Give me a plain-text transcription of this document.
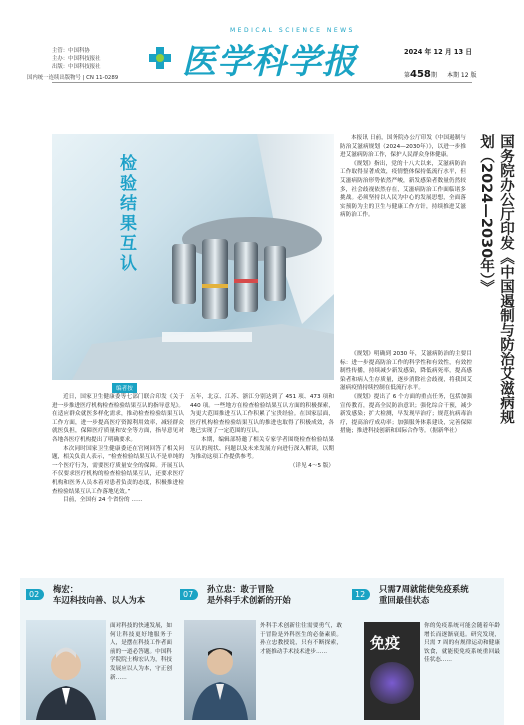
主管：中国科协
主办：中国科技报社
出版：中国科技报社
国内统一连续出版物号 | CN 11-0289
MEDICAL SCIENCE NEWS
医学科学报	2024 年 12 月 13 日
第458期 本期 12 版
检验结果互认
编者按

近日，国家卫生健康委等七部门联合印发《关于进一步推进医疗机构检查检验结果互认的指导意见》。在适应群众就医多样化需求，推动检查检验结果互认工作方面，进一步提高医疗资源利用效率，减轻群众就医负担，保障医疗质量和安全等方面，指导意见对各地各医疗机构提出了明确要求。

本次同时国家卫生健康委还在官网回答了相关问题，相关负责人表示，“检查检验结果互认不是单纯的一个医疗行为，需要医疗质量安全的保障。开展互认不仅要求医疗机构的检查检验结果互认，还要求医疗机构和医务人员本着对患者负责的态度，积极推进检查检验结果互认工作落地见效。”

目前，全国有 24 个省份的 ……

五年，北京、江苏、浙江分别达到了 451 项、473 项和 440 项。一些地方在检查检验结果互认方面的积极探索，为更大范围推进互认工作积累了宝贵经验。在国家层面，医疗机构检查检验结果互认的推进也取得了积极成效，各地已实现了一定范围的互认。

本期，编辑部特邀了相关专家学者围绕检查检验结果互认的现状、问题以及未来发展方向进行深入解读，以期为推动这项工作提供参考。

（详见 4～5 版）

国务院办公厅印发《中国遏制与防治艾滋病规划（2024—2030年）》

本报讯 日前，国务院办公厅印发《中国遏制与防治艾滋病规划（2024—2030年）》，以进一步推进艾滋病防治工作，保护人民群众身体健康。

《规划》指出，党的十八大以来，艾滋病防治工作取得显著成效，疫情整体保持低流行水平，但艾滋病防治形势依然严峻，新发感染者数量仍然较多，社会歧视依然存在，艾滋病防治工作面临诸多挑战。必须坚持以人民为中心的发展思想，全面落实预防为主的卫生与健康工作方针，持续推进艾滋病防治工作。

《规划》明确到 2030 年，艾滋病防治的主要目标：进一步提高防治工作的科学性和有效性，有效控制性传播，持续减少新发感染，降低病死率，提高感染者和病人生存质量，逐步消除社会歧视，将我国艾滋病疫情持续控制在低流行水平。

《规划》提出了 6 个方面的重点任务，包括加强宣传教育，提高全民防治意识；强化综合干预，减少新发感染；扩大检测，早发现早治疗；规范抗病毒治疗，提高治疗成功率；加强服务体系建设，完善保障措施；推进科技创新和国际合作等。（据新华社）

02
梅宏：
车辺科技向善、以人为本

面对科技的快速发展，如何让科技更好地服务于人，是摆在科技工作者面前的一道必答题。中国科学院院士梅宏认为，科技发展应以人为本，守正创新……

07
孙立忠：敢于冒险
是外科手术创新的开始

外科手术创新往往需要勇气，敢于冒险是外科医生的必备素质。孙立忠教授说，只有不断探索，才能推动手术技术进步……

12
只需7周就能使免疫系统
重回最佳状态
免疫

你的免疫系统可能会随着年龄增长而逐渐衰退。研究发现，只需 7 周的有规律运动和健康饮食，就能使免疫系统重回最佳状态……
